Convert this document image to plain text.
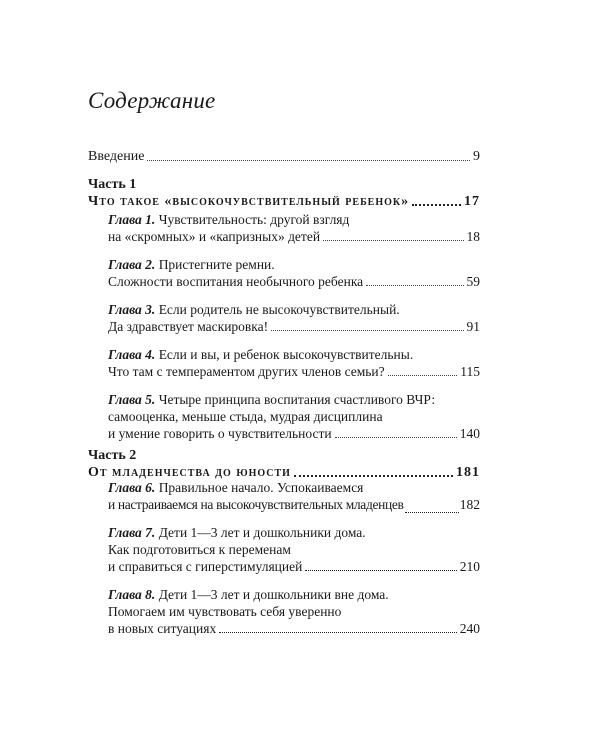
Содержание
Введение	9
Часть 1
Что такое «высокочувствительный ребенок»	17
Глава 1. Чувствительность: другой взгляд
на «скромных» и «капризных» детей	18
Глава 2. Пристегните ремни.
Сложности воспитания необычного ребенка	59
Глава 3. Если родитель не высокочувствительный.
Да здравствует маскировка!	91
Глава 4. Если и вы, и ребенок высокочувствительны.
Что там с темпераментом других членов семьи?	115
Глава 5. Четыре принципа воспитания счастливого ВЧР:
самооценка, меньше стыда, мудрая дисциплина
и умение говорить о чувствительности	140
Часть 2
От младенчества до юности	181
Глава 6. Правильное начало. Успокаиваемся
и настраиваемся на высокочувствительных младенцев	182
Глава 7. Дети 1—3 лет и дошкольники дома.
Как подготовиться к переменам
и справиться с гиперстимуляцией	210
Глава 8. Дети 1—3 лет и дошкольники вне дома.
Помогаем им чувствовать себя уверенно
в новых ситуациях	240
